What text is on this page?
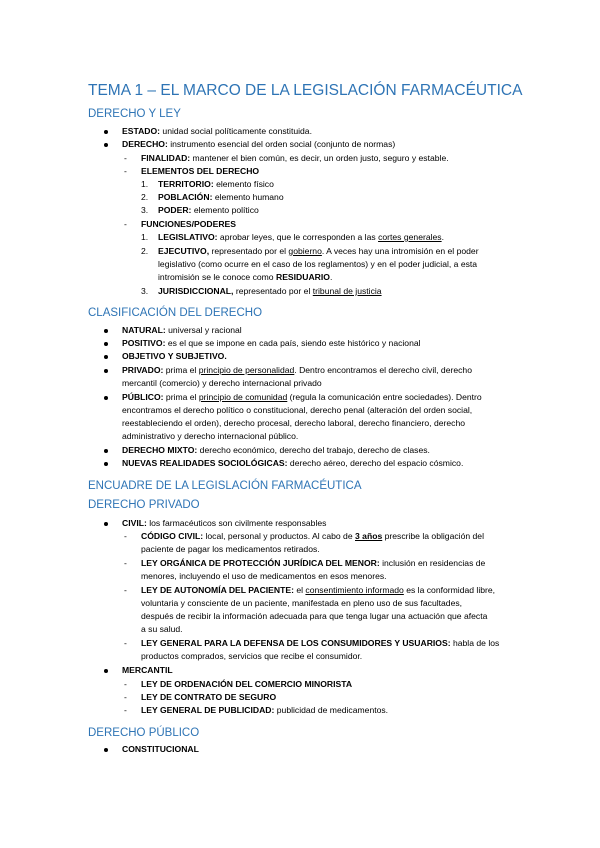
TEMA 1 – EL MARCO DE LA LEGISLACIÓN FARMACÉUTICA
DERECHO Y LEY
ESTADO: unidad social políticamente constituida.
DERECHO: instrumento esencial del orden social (conjunto de normas)
- FINALIDAD: mantener el bien común, es decir, un orden justo, seguro y estable.
- ELEMENTOS DEL DERECHO
1. TERRITORIO: elemento físico
2. POBLACIÓN: elemento humano
3. PODER: elemento político
- FUNCIONES/PODERES
1. LEGISLATIVO: aprobar leyes, que le corresponden a las cortes generales.
2. EJECUTIVO, representado por el gobierno. A veces hay una intromisión en el poder
legislativo (como ocurre en el caso de los reglamentos) y en el poder judicial, a esta
intromisión se le conoce como RESIDUARIO.
3. JURISDICCIONAL, representado por el tribunal de justicia
CLASIFICACIÓN DEL DERECHO
NATURAL: universal y racional
POSITIVO: es el que se impone en cada país, siendo este histórico y nacional
OBJETIVO Y SUBJETIVO.
PRIVADO: prima el principio de personalidad. Dentro encontramos el derecho civil, derecho
mercantil (comercio) y derecho internacional privado
PÚBLICO: prima el principio de comunidad (regula la comunicación entre sociedades). Dentro
encontramos el derecho político o constitucional, derecho penal (alteración del orden social,
reestableciendo el orden), derecho procesal, derecho laboral, derecho financiero, derecho
administrativo y derecho internacional público.
DERECHO MIXTO: derecho económico, derecho del trabajo, derecho de clases.
NUEVAS REALIDADES SOCIOLÓGICAS: derecho aéreo, derecho del espacio cósmico.
ENCUADRE DE LA LEGISLACIÓN FARMACÉUTICA
DERECHO PRIVADO
CIVIL: los farmacéuticos son civilmente responsables
- CÓDIGO CIVIL: local, personal y productos. Al cabo de 3 años prescribe la obligación del
paciente de pagar los medicamentos retirados.
- LEY ORGÁNICA DE PROTECCIÓN JURÍDICA DEL MENOR: inclusión en residencias de
menores, incluyendo el uso de medicamentos en esos menores.
- LEY DE AUTONOMÍA DEL PACIENTE: el consentimiento informado es la conformidad libre,
voluntaria y consciente de un paciente, manifestada en pleno uso de sus facultades,
después de recibir la información adecuada para que tenga lugar una actuación que afecta
a su salud.
- LEY GENERAL PARA LA DEFENSA DE LOS CONSUMIDORES Y USUARIOS: habla de los
productos comprados, servicios que recibe el consumidor.
MERCANTIL
- LEY DE ORDENACIÓN DEL COMERCIO MINORISTA
- LEY DE CONTRATO DE SEGURO
- LEY GENERAL DE PUBLICIDAD: publicidad de medicamentos.
DERECHO PÚBLICO
CONSTITUCIONAL
